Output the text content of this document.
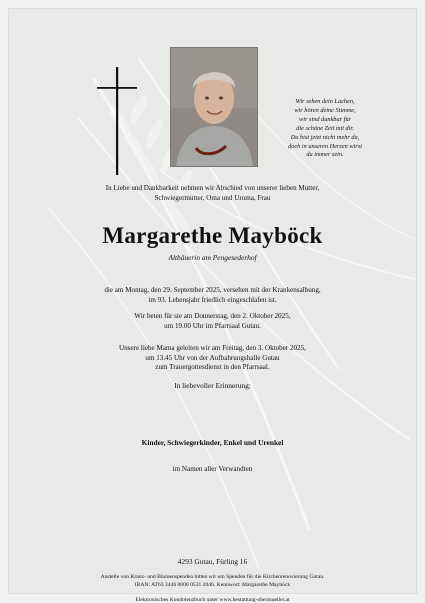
Wir sehen dein Lachen,
wir hören deine Stimme,
wir sind dankbar für
die schöne Zeit mit dir.
Du bist jetzt nicht mehr da,
doch in unseren Herzen wirst
du immer sein.
In Liebe und Dankbarkeit nehmen wir Abschied von unserer lieben Mutter,
Schwiegermutter, Oma und Uroma, Frau
Margarethe Mayböck
Altbäuerin am Pengesederhof
die am Montag, den 29. September 2025, versehen mit der Krankensalbung,
im 93. Lebensjahr friedlich eingeschlafen ist.
Wir beten für sie am Donnerstag, den 2. Oktober 2025,
um 19.00 Uhr im Pfarrsaal Gutau.
Unsere liebe Mama geleiten wir am Freitag, den 3. Oktober 2025,
um 13.45 Uhr von der Aufbahrungshalle Gutau
zum Trauergottesdienst in den Pfarrsaal.
In liebevoller Erinnerung:
Kinder, Schwiegerkinder, Enkel und Urenkel
im Namen aller Verwandten
4293 Gutau, Fürling 16
Anstelle von Kranz- und Blumenspenden bitten wir um Spenden für die Kirchenrenovierung Gutau.
IBAN: AT63 3446 0000 0531 2046. Kennwort: Margarethe Mayböck
Elektronisches Kondolenzbuch unter www.bestattung-obermueller.at
